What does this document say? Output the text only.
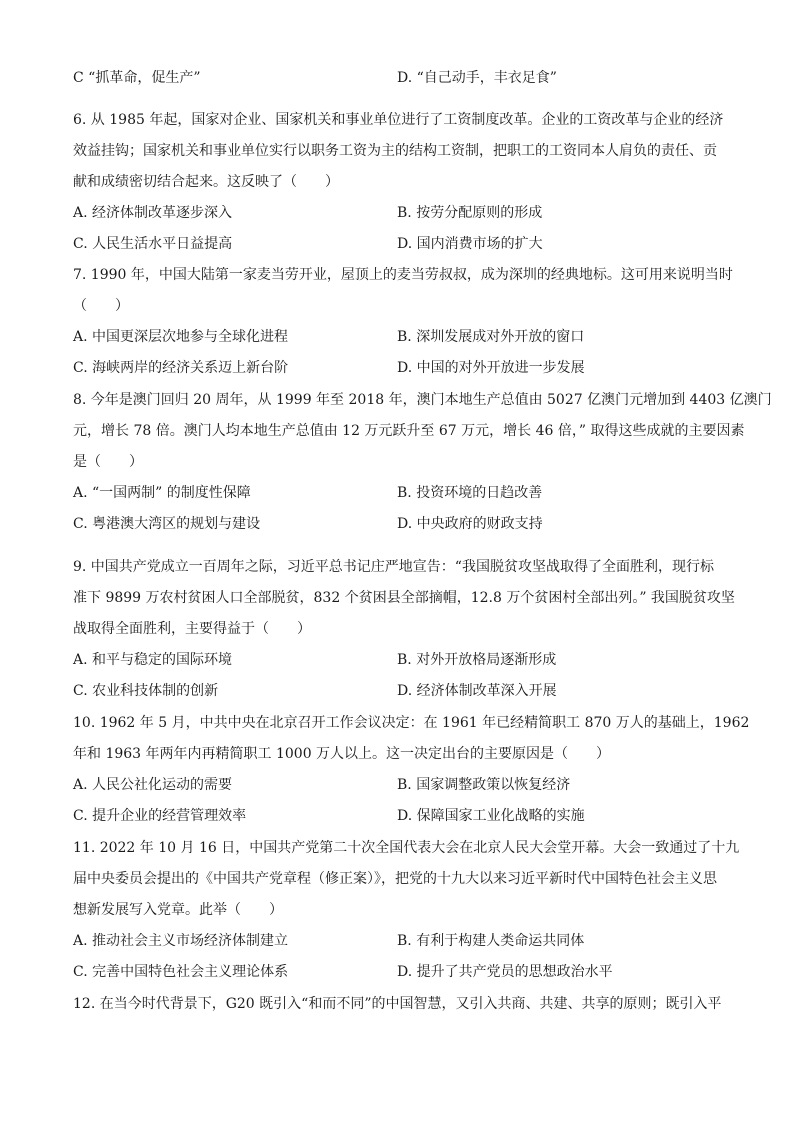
C “抓革命，促生产”	D. “自己动手，丰衣足食”
6. 从 1985 年起，国家对企业、国家机关和事业单位进行了工资制度改革。企业的工资改革与企业的经济
效益挂钩；国家机关和事业单位实行以职务工资为主的结构工资制，把职工的工资同本人肩负的责任、贡
献和成绩密切结合起来。这反映了（　　）
A. 经济体制改革逐步深入	B. 按劳分配原则的形成
C. 人民生活水平日益提高	D. 国内消费市场的扩大
7. 1990 年，中国大陆第一家麦当劳开业，屋顶上的麦当劳叔叔，成为深圳的经典地标。这可用来说明当时
（　　）
A. 中国更深层次地参与全球化进程	B. 深圳发展成对外开放的窗口
C. 海峡两岸的经济关系迈上新台阶	D. 中国的对外开放进一步发展
8. 今年是澳门回归 20 周年，从 1999 年至 2018 年，澳门本地生产总值由 5027 亿澳门元增加到 4403 亿澳门
元，增长 78 倍。澳门人均本地生产总值由 12 万元跃升至 67 万元，增长 46 倍，” 取得这些成就的主要因素
是（　　）
A. “一国两制” 的制度性保障	B. 投资环境的日趋改善
C. 粤港澳大湾区的规划与建设	D. 中央政府的财政支持
9. 中国共产党成立一百周年之际，习近平总书记庄严地宣告：“我国脱贫攻坚战取得了全面胜利，现行标
准下 9899 万农村贫困人口全部脱贫，832 个贫困县全部摘帽，12.8 万个贫困村全部出列。” 我国脱贫攻坚
战取得全面胜利，主要得益于（　　）
A. 和平与稳定的国际环境	B. 对外开放格局逐渐形成
C. 农业科技体制的创新	D. 经济体制改革深入开展
10. 1962 年 5 月，中共中央在北京召开工作会议决定：在 1961 年已经精简职工 870 万人的基础上，1962
年和 1963 年两年内再精简职工 1000 万人以上。这一决定出台的主要原因是（　　）
A. 人民公社化运动的需要	B. 国家调整政策以恢复经济
C. 提升企业的经营管理效率	D. 保障国家工业化战略的实施
11. 2022 年 10 月 16 日，中国共产党第二十次全国代表大会在北京人民大会堂开幕。大会一致通过了十九
届中央委员会提出的《中国共产党章程（修正案）》，把党的十九大以来习近平新时代中国特色社会主义思
想新发展写入党章。此举（　　）
A. 推动社会主义市场经济体制建立	B. 有利于构建人类命运共同体
C. 完善中国特色社会主义理论体系	D. 提升了共产党员的思想政治水平
12. 在当今时代背景下，G20 既引入“和而不同”的中国智慧，又引入共商、共建、共享的原则；既引入平
